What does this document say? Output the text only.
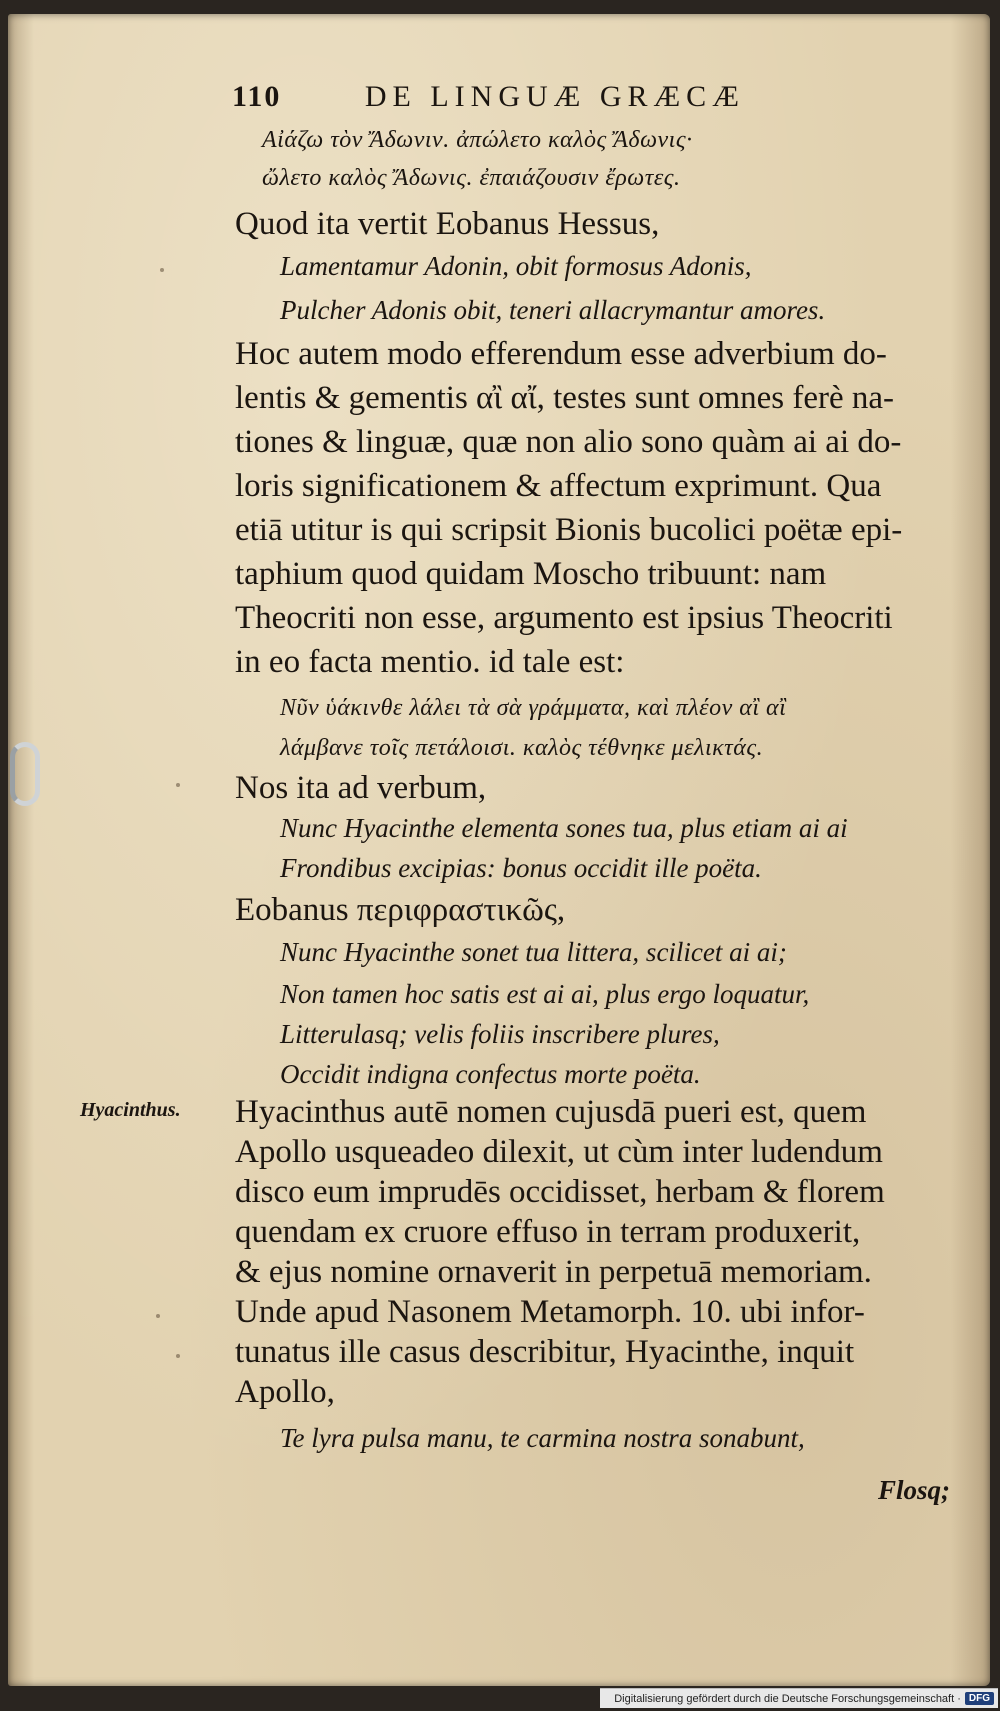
110	DE LINGUÆ GRÆCÆ
Αἰάζω τὸν Ἄδωνιν. ἀπώλετο καλὸς Ἄδωνις·
ὤλετο καλὸς Ἄδωνις. ἐπαιάζουσιν ἔρωτες.
Quod ita vertit Eobanus Hessus,
Lamentamur Adonin, obit formosus Adonis,
Pulcher Adonis obit, teneri allacrymantur amores.
Hoc autem modo efferendum esse adverbium do-
lentis & gementis αἲ αἴ, testes sunt omnes ferè na-
tiones & linguæ, quæ non alio sono quàm ai ai do-
loris significationem & affectum exprimunt. Qua
etiā utitur is qui scripsit Bionis bucolici poëtæ epi-
taphium quod quidam Moscho tribuunt: nam
Theocriti non esse, argumento est ipsius Theocriti
in eo facta mentio. id tale est:
Νῦν ὑάκινθε λάλει τὰ σὰ γράμματα, καὶ πλέον αἲ αἲ
λάμβανε τοῖς πετάλοισι. καλὸς τέθνηκε μελικτάς.
Nos ita ad verbum,
Nunc Hyacinthe elementa sones tua, plus etiam ai ai
Frondibus excipias: bonus occidit ille poëta.
Eobanus περιφραστικῶς,
Nunc Hyacinthe sonet tua littera, scilicet ai ai;
Non tamen hoc satis est ai ai, plus ergo loquatur,
Litterulasq; velis foliis inscribere plures,
Occidit indigna confectus morte poëta.
Hyacinthus autē nomen cujusdā pueri est, quem
Apollo usqueadeo dilexit, ut cùm inter ludendum
disco eum imprudēs occidisset, herbam & florem
quendam ex cruore effuso in terram produxerit,
& ejus nomine ornaverit in perpetuā memoriam.
Unde apud Nasonem Metamorph. 10. ubi infor-
tunatus ille casus describitur, Hyacinthe, inquit
Apollo,
Te lyra pulsa manu, te carmina nostra sonabunt,
Flosq;
Hyacinthus.
Digitalisierung gefördert durch die Deutsche Forschungsgemeinschaft · DFG
